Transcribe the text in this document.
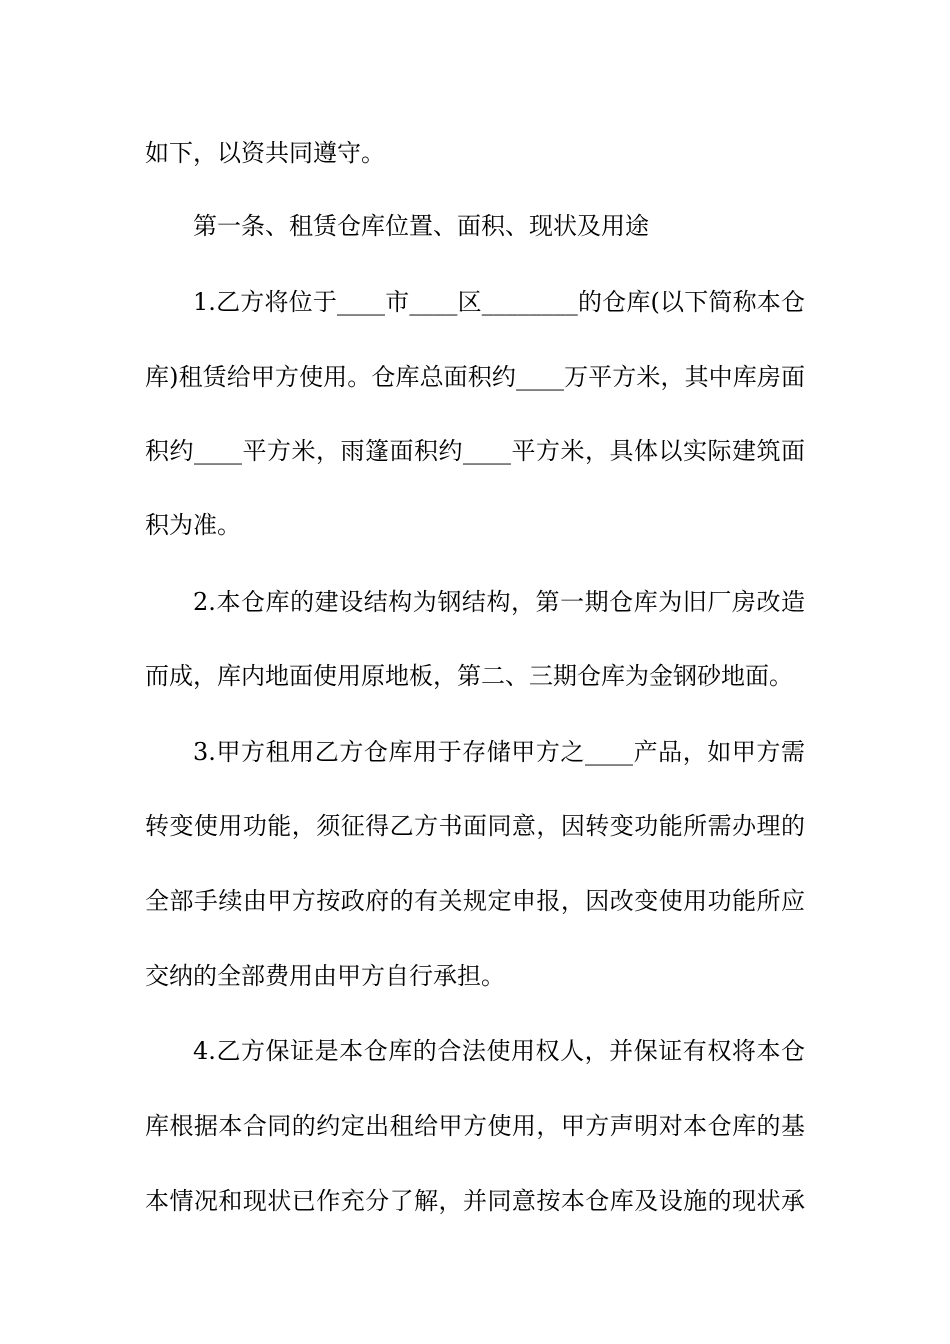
如下，以资共同遵守。
第一条、租赁仓库位置、面积、现状及用途
1.乙方将位于____市____区________的仓库(以下简称本仓
库)租赁给甲方使用。仓库总面积约____万平方米，其中库房面
积约____平方米，雨篷面积约____平方米，具体以实际建筑面
积为准。
2.本仓库的建设结构为钢结构，第一期仓库为旧厂房改造
而成，库内地面使用原地板，第二、三期仓库为金钢砂地面。
3.甲方租用乙方仓库用于存储甲方之____产品，如甲方需
转变使用功能，须征得乙方书面同意，因转变功能所需办理的
全部手续由甲方按政府的有关规定申报，因改变使用功能所应
交纳的全部费用由甲方自行承担。
4.乙方保证是本仓库的合法使用权人，并保证有权将本仓
库根据本合同的约定出租给甲方使用，甲方声明对本仓库的基
本情况和现状已作充分了解，并同意按本仓库及设施的现状承
